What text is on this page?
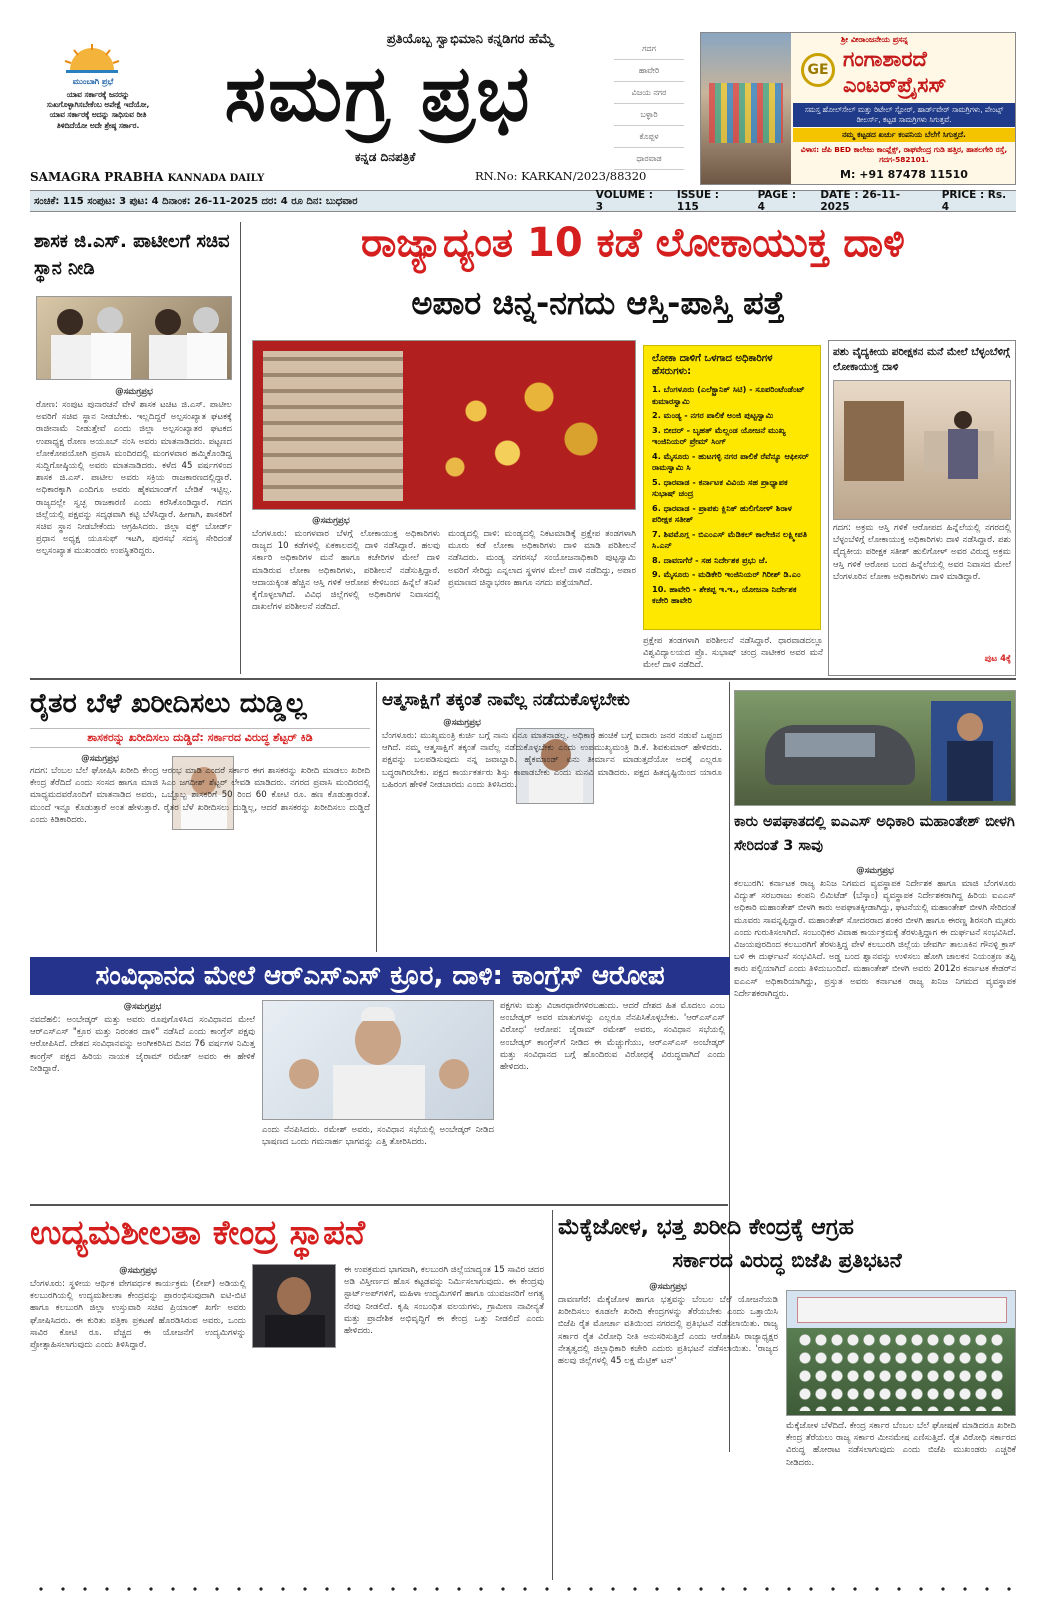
ಮುಂಬಾಗಿ ಪ್ರಭೆ
ಯಾವ ಸರ್ಕಾರಕ್ಕೆ ಜನರನ್ನು ಸುಖಗೊಳ್ಳಾಗಿಸಬೇಕೆಂಬ ಅಪೇಕ್ಷೆ ಇದೆಯೋ, ಯಾವ ಸರ್ಕಾರಕ್ಕೆ ಅದನ್ನು ಸಾಧಿಸುವ ರೀತಿ ತಿಳಿದಿದೆಯೋ ಅದೇ ಶ್ರೇಷ್ಠ ಸರ್ಕಾರ.
ಪ್ರತಿಯೊಬ್ಬ ಸ್ವಾಭಿಮಾನಿ ಕನ್ನಡಿಗರ ಹೆಮ್ಮೆ
ಸಮಗ್ರ ಪ್ರಭ
ಕನ್ನಡ ದಿನಪತ್ರಿಕೆ
SAMAGRA PRABHA KANNADA DAILY	RN.No: KARKAN/2023/88320
ಗದಗ
ಹಾವೇರಿ
ವಿಜಯ ನಗರ
ಬಳ್ಳಾರಿ
ಕೊಪ್ಪಳ
ಧಾರವಾಡ
ಶ್ರೀ ವೀರಾಂಜನೇಯ ಪ್ರಸನ್ನ
GE ಗಂಗಾಶಾರದೆ
ಎಂಟರ್‌ಪ್ರೈಸಸ್
ಸಮಸ್ತ ಹೋಲ್‌ಸೇಲ್ ಮತ್ತು ರಿಟೇಲ್ ಸ್ಟೋರ್, ಹಾರ್ಡ್‌ವೇರ್ ಸಾಮಗ್ರಿಗಳು, ಪೇಂಟ್ಸ್ ಡೀಲರ್ಸ್, ಕಟ್ಟಡ ಸಾಮಗ್ರಿಗಳು ಸಿಗುತ್ತವೆ.
ನಮ್ಮ ಕಟ್ಟಡದ ಖರ್ಚು ಕಂಪನಿಯ ಬೆಲೆಗೆ ಸಿಗುತ್ತದೆ.
ವಿಳಾಸ: ಜೆಪಿ BED ಕಾಲೇಜು ಕಾಂಪ್ಲೆಕ್ಸ್, ರಾಘವೇಂದ್ರ ಗುಡಿ ಹತ್ತಿರ, ಹಾತಲಗೇರಿ ರಸ್ತೆ, ಗದಗ-582101.
M: +91 87478 11510
ಸಂಚಿಕೆ: 115 ಸಂಪುಟ: 3 ಪುಟ: 4 ದಿನಾಂಕ: 26-11-2025 ದರ: 4 ರೂ ದಿನ: ಬುಧವಾರ	VOLUME : 3
ISSUE : 115
PAGE : 4
DATE : 26-11-2025
PRICE : Rs. 4
ಶಾಸಕ ಜಿ.ಎಸ್. ಪಾಟೀಲಗೆ ಸಚಿವ ಸ್ಥಾನ ನೀಡಿ
@ಸಮಗ್ರಪ್ರಭ
ರೋಣ: ಸಂಪುಟ ಪುನಾರಚನೆ ವೇಳೆ ಶಾಸಕ ಟಚಿಟ ಜಿ.ಎಸ್. ಪಾಟೀಲ ಅವರಿಗೆ ಸಚಿವ ಸ್ಥಾನ ನೀಡಬೇಕು. ಇಲ್ಲದಿದ್ದರೆ ಅಲ್ಪಸಂಖ್ಯಾತ ಘಟಕಕ್ಕೆ ರಾಜೀನಾಮೆ ನೀಡುತ್ತೇವೆ ಎಂದು ಜಿಲ್ಲಾ ಅಲ್ಪಸಂಖ್ಯಾತರ ಘಟಕದ ಉಪಾಧ್ಯಕ್ಷ ರೋಣ ಅಯೂಬ್ ನಂಸಿ ಅವರು ಮಾತನಾಡಿದರು. ಪಟ್ಟಣದ ಲೋಕೋಪಯೋಗಿ ಪ್ರವಾಸಿ ಮಂದಿರದಲ್ಲಿ ಮಂಗಳವಾರ ಹಮ್ಮಿಕೊಂಡಿದ್ದ ಸುದ್ದಿಗೋಷ್ಠಿಯಲ್ಲಿ ಅವರು ಮಾತನಾಡಿದರು. ಕಳೆದ 45 ವರ್ಷಗಳಿಂದ ಶಾಸಕ ಜಿ.ಎಸ್. ಪಾಟೀಲ ಅವರು ಸಕ್ರಿಯ ರಾಜಕಾರಣದಲ್ಲಿದ್ದಾರೆ. ಅಧಿಕಾರಕ್ಕಾಗಿ ಎಂದಿಗೂ ಅವರು ಹೈಕಮಾಂಡ್‌ಗೆ ಬೇಡಿಕೆ ಇಟ್ಟಿಲ್ಲ. ರಾಜ್ಯದಲ್ಲೇ ಸ್ವಚ್ಛ ರಾಜಕಾರಣಿ ಎಂದು ಕರೆಸಿಕೊಂಡಿದ್ದಾರೆ. ಗದಗ ಜಿಲ್ಲೆಯಲ್ಲಿ ಪಕ್ಷವನ್ನು ಸದೃಢವಾಗಿ ಕಟ್ಟಿ ಬೆಳೆಸಿದ್ದಾರೆ. ಹೀಗಾಗಿ, ಶಾಸಕರಿಗೆ ಸಚಿವ ಸ್ಥಾನ ನೀಡಬೇಕೆಂದು ಆಗ್ರಹಿಸಿದರು. ಜಿಲ್ಲಾ ವಕ್ಫ್ ಬೋರ್ಡ್ ಪ್ರಧಾನ ಅಧ್ಯಕ್ಷ ಯೂಸುಫ್ ಇಟಗಿ, ಪುರಸಭೆ ಸದಸ್ಯ ಸೇರಿದಂತೆ ಅಲ್ಪಸಂಖ್ಯಾತ ಮುಖಂಡರು ಉಪಸ್ಥಿತರಿದ್ದರು.
ರಾಜ್ಯಾದ್ಯಂತ 10 ಕಡೆ ಲೋಕಾಯುಕ್ತ ದಾಳಿ
ಅಪಾರ ಚಿನ್ನ-ನಗದು ಆಸ್ತಿ-ಪಾಸ್ತಿ ಪತ್ತೆ
@ಸಮಗ್ರಪ್ರಭ
ಬೆಂಗಳೂರು: ಮಂಗಳವಾರ ಬೆಳಗ್ಗೆ ಲೋಕಾಯುಕ್ತ ಅಧಿಕಾರಿಗಳು ರಾಜ್ಯದ 10 ಕಡೆಗಳಲ್ಲಿ ಏಕಕಾಲದಲ್ಲಿ ದಾಳಿ ನಡೆಸಿದ್ದಾರೆ. ಹಲವು ಸರ್ಕಾರಿ ಅಧಿಕಾರಿಗಳ ಮನೆ ಹಾಗೂ ಕಚೇರಿಗಳ ಮೇಲೆ ದಾಳಿ ಮಾಡಿರುವ ಲೋಕಾ ಅಧಿಕಾರಿಗಳು, ಪರಿಶೀಲನೆ ನಡೆಸುತ್ತಿದ್ದಾರೆ. ಆದಾಯಕ್ಕಿಂತ ಹೆಚ್ಚಿನ ಆಸ್ತಿ ಗಳಿಕೆ ಆರೋಪ ಕೇಳಿಬಂದ ಹಿನ್ನೆಲೆ ತನಿಖೆ ಕೈಗೊಳ್ಳಲಾಗಿದೆ. ವಿವಿಧ ಜಿಲ್ಲೆಗಳಲ್ಲಿ ಅಧಿಕಾರಿಗಳ ನಿವಾಸದಲ್ಲಿ ದಾಖಲೆಗಳ ಪರಿಶೀಲನೆ ನಡೆದಿದೆ.
ಮಂಡ್ಯದಲ್ಲಿ ದಾಳಿ: ಮಂಡ್ಯದಲ್ಲಿ ನಿಕಟಮಾಡಿಕ್ಕೆ ಪ್ರಕ್ಷೇಪ ತಂಡಗಳಾಗಿ ಮೂರು ಕಡೆ ಲೋಕಾ ಅಧಿಕಾರಿಗಳು ದಾಳಿ ಮಾಡಿ ಪರಿಶೀಲನೆ ನಡೆಸಿದರು. ಮಂಡ್ಯ ನಗರಸಭೆ ಸಂಯೋಜನಾಧಿಕಾರಿ ಪುಟ್ಟಸ್ವಾಮಿ ಅವರಿಗೆ ಸೇರಿದ್ದು ಎನ್ನಲಾದ ಸ್ಥಳಗಳ ಮೇಲೆ ದಾಳಿ ನಡೆದಿದ್ದು, ಅಪಾರ ಪ್ರಮಾಣದ ಚಿನ್ನಾಭರಣ ಹಾಗೂ ನಗದು ಪತ್ತೆಯಾಗಿದೆ.
ಪ್ರಕ್ಷೇಪ ತಂಡಗಳಾಗಿ ಪರಿಶೀಲನೆ ನಡೆಸಿದ್ದಾರೆ. ಧಾರವಾಡದಲ್ಲೂ ವಿಶ್ವವಿದ್ಯಾಲಯದ ಪ್ರೊ. ಸುಭಾಷ್ ಚಂದ್ರ ನಾಟೀಕರ ಅವರ ಮನೆ ಮೇಲೆ ದಾಳಿ ನಡೆದಿದೆ.
ಲೋಕಾ ದಾಳಿಗೆ ಒಳಗಾದ ಅಧಿಕಾರಿಗಳ ಹೆಸರುಗಳು:
1. ಬೆಂಗಳೂರು (ಎಲೆಕ್ಟ್ರಾನಿಕ್ ಸಿಟಿ) - ಸೂಪರಿಂಟೆಂಡೆಂಟ್ ಕುಮಾರಸ್ವಾಮಿ
2. ಮಂಡ್ಯ - ನಗರ ಪಾಲಿಕೆ ಅಂಜಿ ಪುಟ್ಟಸ್ವಾಮಿ
3. ಬೀದರ್ - ಬೃಹತ್ ಮೆಲ್ಲಂಡ ಯೋಜನೆ ಮುಖ್ಯ ಇಂಜಿನಿಯರ್ ಪ್ರೇಮ್ ಸಿಂಗ್
4. ಮೈಸೂರು - ಹುಟಗಳ್ಳಿ ನಗರ ಪಾಲಿಕೆ ರೆವೆನ್ಯೂ ಆಫೀಸರ್ ರಾಮಸ್ವಾಮಿ ಸಿ
5. ಧಾರವಾಡ - ಕರ್ನಾಟಕ ವಿವಿಯ ಸಹ ಪ್ರಾಧ್ಯಾಪಕ ಸುಭಾಷ್ ಚಂದ್ರ
6. ಧಾರವಾಡ - ಪ್ರಾಪಕು ಕ್ಲಿನಿಕ್ ಹುಲಿಗೋಳ್ ಶಿರಾಳ ಪರೀಕ್ಷಕ ಸತೀಶ್
7. ಶಿವಮೊಗ್ಗ - ಬಿಎಂಎಸ್ ಮೆಡಿಕಲ್ ಕಾಲೇಜಿನ ಲಕ್ಷ್ಮೀಪತಿ ಸಿ.ಎನ್
8. ದಾವಣಗೆರೆ - ಸಹ ನಿರ್ದೇಶಕ ಪ್ರಭು ಜೆ.
9. ಮೈಸೂರು - ಮಡಿಕೇರಿ ಇಂಜಿನಿಯರ್ ಗಿರೀಶ್ ಡಿ.ಎಂ
10. ಹಾವೇರಿ - ಶೇಕಪ್ಪ ಇ.ಇ., ಯೋಜನಾ ನಿರ್ದೇಶಕ ಕಚೇರಿ ಹಾವೇರಿ
ಪಶು ವೈದ್ಯಕೀಯ ಪರೀಕ್ಷಕನ ಮನೆ ಮೇಲೆ ಬೆಳ್ಳಂಬೆಳಿಗ್ಗೆ ಲೋಕಾಯುಕ್ತ ದಾಳಿ
ಗದಗ: ಅಕ್ರಮ ಆಸ್ತಿ ಗಳಿಕೆ ಆರೋಪದ ಹಿನ್ನೆಲೆಯಲ್ಲಿ ನಗರದಲ್ಲಿ ಬೆಳ್ಳಂಬೆಳಿಗ್ಗೆ ಲೋಕಾಯುಕ್ತ ಅಧಿಕಾರಿಗಳು ದಾಳಿ ನಡೆಸಿದ್ದಾರೆ. ಪಶು ವೈದ್ಯಕೀಯ ಪರೀಕ್ಷಕ ಸತೀಶ್ ಹುಲಿಗೋಳ್ ಅವರ ವಿರುದ್ಧ ಅಕ್ರಮ ಆಸ್ತಿ ಗಳಿಕೆ ಆರೋಪ ಬಂದ ಹಿನ್ನೆಲೆಯಲ್ಲಿ ಅವರ ನಿವಾಸದ ಮೇಲೆ ಬೆಂಗಳೂರಿನ ಲೋಕಾ ಅಧಿಕಾರಿಗಳು ದಾಳಿ ಮಾಡಿದ್ದಾರೆ.
ಪುಟ 4ಕ್ಕೆ
ರೈತರ ಬೆಳೆ ಖರೀದಿಸಲು ದುಡ್ಡಿಲ್ಲ
ಶಾಸಕರನ್ನು ಖರೀದಿಸಲು ದುಡ್ಡಿದೆ: ಸರ್ಕಾರದ ವಿರುದ್ಧ ಶೆಟ್ಟರ್ ಕಿಡಿ
@ಸಮಗ್ರಪ್ರಭ
ಗದಗ: ಬೆಂಬಲ ಬೆಲೆ ಘೋಷಿಸಿ ಖರೀದಿ ಕೇಂದ್ರ ಆರಂಭ ಮಾಡಿ ಎಂದರೆ ಸರ್ಕಾರ ಈಗ ಶಾಸಕರನ್ನು ಖರೀದಿ ಮಾಡಲು ಖರೀದಿ ಕೇಂದ್ರ ತೆರೆದಿದೆ ಎಂದು ಸಂಸದ ಹಾಗೂ ಮಾಜಿ ಸಿಎಂ ಜಗದೀಶ್ ಶೆಟ್ಟರ್ ಲೇವಡಿ ಮಾಡಿದರು. ನಗರದ ಪ್ರವಾಸಿ ಮಂದಿರದಲ್ಲಿ ಮಾಧ್ಯಮದವರೊಂದಿಗೆ ಮಾತನಾಡಿದ ಅವರು, ಒಬ್ಬೊಬ್ಬ ಶಾಸಕರಿಗೆ 50 ರಿಂದ 60 ಕೋಟಿ ರೂ. ಹಣ ಕೊಡುತ್ತಾರಂತೆ. ಮುಂದೆ ಇನ್ನೂ ಕೊಡುತ್ತಾರೆ ಅಂತ ಹೇಳುತ್ತಾರೆ. ರೈತರ ಬೆಳೆ ಖರೀದಿಸಲು ದುಡ್ಡಿಲ್ಲ, ಆದರೆ ಶಾಸಕರನ್ನು ಖರೀದಿಸಲು ದುಡ್ಡಿದೆ ಎಂದು ಕಿಡಿಕಾರಿದರು.
ಆತ್ಮಸಾಕ್ಷಿಗೆ ತಕ್ಕಂತೆ ನಾವೆಲ್ಲ ನಡೆದುಕೊಳ್ಳಬೇಕು
@ಸಮಗ್ರಪ್ರಭ
ಬೆಂಗಳೂರು: ಮುಖ್ಯಮಂತ್ರಿ ಕುರ್ಚಿ ಬಗ್ಗೆ ನಾನು ಏನೂ ಮಾತನಾಡಲ್ಲ. ಅಧಿಕಾರ ಹಂಚಿಕೆ ಬಗ್ಗೆ ಐದಾರು ಜನರ ನಡುವೆ ಒಪ್ಪಂದ ಆಗಿದೆ. ನಮ್ಮ ಆತ್ಮಸಾಕ್ಷಿಗೆ ತಕ್ಕಂತೆ ನಾವೆಲ್ಲ ನಡೆದುಕೊಳ್ಳಬೇಕು ಎಂದು ಉಪಮುಖ್ಯಮಂತ್ರಿ ಡಿ.ಕೆ. ಶಿವಕುಮಾರ್ ಹೇಳಿದರು. ಪಕ್ಷವನ್ನು ಬಲಪಡಿಸುವುದು ನನ್ನ ಜವಾಬ್ದಾರಿ. ಹೈಕಮಾಂಡ್ ಏನು ತೀರ್ಮಾನ ಮಾಡುತ್ತದೆಯೋ ಅದಕ್ಕೆ ಎಲ್ಲರೂ ಬದ್ಧರಾಗಿರಬೇಕು. ಪಕ್ಷದ ಕಾರ್ಯಕರ್ತರು ಶಿಸ್ತು ಕಾಪಾಡಬೇಕು ಎಂದು ಮನವಿ ಮಾಡಿದರು. ಪಕ್ಷದ ಹಿತದೃಷ್ಟಿಯಿಂದ ಯಾರೂ ಬಹಿರಂಗ ಹೇಳಿಕೆ ನೀಡಬಾರದು ಎಂದು ತಿಳಿಸಿದರು.
ಕಾರು ಅಪಘಾತದಲ್ಲಿ ಐಎಎಸ್ ಅಧಿಕಾರಿ ಮಹಾಂತೇಶ್ ಬೀಳಗಿ ಸೇರಿದಂತೆ 3 ಸಾವು
@ಸಮಗ್ರಪ್ರಭ
ಕಲಬುರಗಿ: ಕರ್ನಾಟಕ ರಾಜ್ಯ ಖನಿಜ ನಿಗಮದ ವ್ಯವಸ್ಥಾಪಕ ನಿರ್ದೇಶಕ ಹಾಗೂ ಮಾಜಿ ಬೆಂಗಳೂರು ವಿದ್ಯುತ್ ಸರಬರಾಜು ಕಂಪನಿ ಲಿಮಿಟೆಡ್ (ಬೆಸ್ಕಾಂ) ವ್ಯವಸ್ಥಾಪಕ ನಿರ್ದೇಶಕರಾಗಿದ್ದ ಹಿರಿಯ ಐಎಎಸ್ ಅಧಿಕಾರಿ ಮಹಾಂತೇಶ್ ಬೀಳಗಿ ಕಾರು ಅಪಘಾತಕ್ಕೀಡಾಗಿದ್ದು, ಘಟನೆಯಲ್ಲಿ ಮಹಾಂತೇಶ್ ಬೀಳಗಿ ಸೇರಿದಂತೆ ಮೂವರು ಸಾವನ್ನಪ್ಪಿದ್ದಾರೆ. ಮಹಾಂತೇಶ್ ಸೋದರರಾದ ಶಂಕರ ಬೀಳಗಿ ಹಾಗೂ ಈರಣ್ಣ ಶಿರಸಂಗಿ ಮೃತರು ಎಂದು ಗುರುತಿಸಲಾಗಿದೆ. ಸಂಬಂಧಿಕರ ವಿವಾಹ ಕಾರ್ಯಕ್ರಮಕ್ಕೆ ತೆರಳುತ್ತಿದ್ದಾಗ ಈ ದುರ್ಘಟನೆ ಸಂಭವಿಸಿದೆ. ವಿಜಯಪುರದಿಂದ ಕಲಬುರಗಿಗೆ ತೆರಳುತ್ತಿದ್ದ ವೇಳೆ ಕಲಬುರಗಿ ಜಿಲ್ಲೆಯ ಜೇವರ್ಗಿ ತಾಲೂಕಿನ ಗೌನಳ್ಳಿ ಕ್ರಾಸ್ ಬಳಿ ಈ ದುರ್ಘಟನೆ ಸಂಭವಿಸಿದೆ. ಅಡ್ಡ ಬಂದ ಶ್ವಾನವನ್ನು ಉಳಿಸಲು ಹೋಗಿ ಚಾಲಕನ ನಿಯಂತ್ರಣ ತಪ್ಪಿ ಕಾರು ಪಲ್ಟಿಯಾಗಿದೆ ಎಂದು ತಿಳಿದುಬಂದಿದೆ. ಮಹಾಂತೇಶ್ ಬೀಳಗಿ ಅವರು 2012ರ ಕರ್ನಾಟಕ ಕೇಡರ್‌ನ ಐಎಎಸ್ ಅಧಿಕಾರಿಯಾಗಿದ್ದು, ಪ್ರಸ್ತುತ ಅವರು ಕರ್ನಾಟಕ ರಾಜ್ಯ ಖನಿಜ ನಿಗಮದ ವ್ಯವಸ್ಥಾಪಕ ನಿರ್ದೇಶಕರಾಗಿದ್ದರು.
ಸಂವಿಧಾನದ ಮೇಲೆ ಆರ್‌ಎಸ್‌ಎಸ್ ಕ್ರೂರ, ದಾಳಿ: ಕಾಂಗ್ರೆಸ್ ಆರೋಪ
@ಸಮಗ್ರಪ್ರಭ
ನವದೆಹಲಿ: ಅಂಬೇಡ್ಕರ್ ಮತ್ತು ಅವರು ರೂಪುಗೊಳಿಸಿದ ಸಂವಿಧಾನದ ಮೇಲೆ ಆರ್‌ಎಸ್‌ಎಸ್ "ಕ್ರೂರ ಮತ್ತು ನಿರಂತರ ದಾಳಿ" ನಡೆಸಿದೆ ಎಂದು ಕಾಂಗ್ರೆಸ್ ಪಕ್ಷವು ಆರೋಪಿಸಿದೆ. ದೇಶದ ಸಂವಿಧಾನವನ್ನು ಅಂಗೀಕರಿಸಿದ ದಿನದ 76 ವರ್ಷಗಳ ನಿಮಿತ್ತ ಕಾಂಗ್ರೆಸ್ ಪಕ್ಷದ ಹಿರಿಯ ನಾಯಕ ಜೈರಾಮ್ ರಮೇಶ್ ಅವರು ಈ ಹೇಳಿಕೆ ನೀಡಿದ್ದಾರೆ.
ಎಂದು ನೆನಪಿಸಿದರು. ರಮೇಶ್ ಅವರು, ಸಂವಿಧಾನ ಸಭೆಯಲ್ಲಿ ಅಂಬೇಡ್ಕರ್ ನೀಡಿದ ಭಾಷಣದ ಒಂದು ಗಮನಾರ್ಹ ಭಾಗವನ್ನು ಎತ್ತಿ ತೋರಿಸಿದರು.
ಪಕ್ಷಗಳು ಮತ್ತು ವಿಚಾರಧಾರೆಗಳಿರಬಹುದು. ಆದರೆ ದೇಶದ ಹಿತ ಮೊದಲು ಎಂಬ ಅಂಬೇಡ್ಕರ್ ಅವರ ಮಾತುಗಳನ್ನು ಎಲ್ಲರೂ ನೆನಪಿಸಿಕೊಳ್ಳಬೇಕು. 'ಆರ್‌ಎಸ್‌ಎಸ್ ವಿರೋಧ' ಆರೋಪ: ಜೈರಾಮ್ ರಮೇಶ್ ಅವರು, ಸಂವಿಧಾನ ಸಭೆಯಲ್ಲಿ ಅಂಬೇಡ್ಕರ್ ಕಾಂಗ್ರೆಸ್‌ಗೆ ನೀಡಿದ ಈ ಮೆಚ್ಚುಗೆಯು, ಆರ್‌ಎಸ್‌ಎಸ್ ಅಂಬೇಡ್ಕರ್ ಮತ್ತು ಸಂವಿಧಾನದ ಬಗ್ಗೆ ಹೊಂದಿರುವ ವಿರೋಧಕ್ಕೆ ವಿರುದ್ಧವಾಗಿದೆ ಎಂದು ಹೇಳಿದರು.
ಉದ್ಯಮಶೀಲತಾ ಕೇಂದ್ರ ಸ್ಥಾಪನೆ
@ಸಮಗ್ರಪ್ರಭ
ಬೆಂಗಳೂರು: ಸ್ಥಳೀಯ ಆರ್ಥಿಕ ವೇಗವರ್ಧಕ ಕಾರ್ಯಕ್ರಮ (ಲೀಪ್) ಅಡಿಯಲ್ಲಿ ಕಲಬುರಗಿಯಲ್ಲಿ ಉದ್ಯಮಶೀಲತಾ ಕೇಂದ್ರವನ್ನು ಪ್ರಾರಂಭಿಸುವುದಾಗಿ ಐಟಿ-ಬಿಟಿ ಹಾಗೂ ಕಲಬುರಗಿ ಜಿಲ್ಲಾ ಉಸ್ತುವಾರಿ ಸಚಿವ ಪ್ರಿಯಾಂಕ್ ಖರ್ಗೆ ಅವರು ಘೋಷಿಸಿದರು. ಈ ಕುರಿತು ಪತ್ರಿಕಾ ಪ್ರಕಟಣೆ ಹೊರಡಿಸಿರುವ ಅವರು, ಒಂದು ಸಾವಿರ ಕೋಟಿ ರೂ. ವೆಚ್ಚದ ಈ ಯೋಜನೆಗೆ ಉದ್ಯಮಿಗಳನ್ನು ಪ್ರೋತ್ಸಾಹಿಸಲಾಗುವುದು ಎಂದು ತಿಳಿಸಿದ್ದಾರೆ.
ಈ ಉಪಕ್ರಮದ ಭಾಗವಾಗಿ, ಕಲಬುರಗಿ ಜಿಲ್ಲೆಯಾದ್ಯಂತ 15 ಸಾವಿರ ಚದರ ಅಡಿ ವಿಸ್ತೀರ್ಣದ ಹೊಸ ಕಟ್ಟಡವನ್ನು ನಿರ್ಮಿಸಲಾಗುವುದು. ಈ ಕೇಂದ್ರವು ಸ್ಟಾರ್ಟ್‌ಅಪ್‌ಗಳಿಗೆ, ಮಹಿಳಾ ಉದ್ಯಮಿಗಳಿಗೆ ಹಾಗೂ ಯುವಜನರಿಗೆ ಅಗತ್ಯ ನೆರವು ನೀಡಲಿದೆ. ಕೃಷಿ ಸಂಬಂಧಿತ ವಲಯಗಳು, ಗ್ರಾಮೀಣ ನಾವೀನ್ಯತೆ ಮತ್ತು ಪ್ರಾದೇಶಿಕ ಅಭಿವೃದ್ಧಿಗೆ ಈ ಕೇಂದ್ರ ಒತ್ತು ನೀಡಲಿದೆ ಎಂದು ಹೇಳಿದರು.
ಮೆಕ್ಕೆಜೋಳ, ಭತ್ತ ಖರೀದಿ ಕೇಂದ್ರಕ್ಕೆ ಆಗ್ರಹ
ಸರ್ಕಾರದ ವಿರುದ್ಧ ಬಿಜೆಪಿ ಪ್ರತಿಭಟನೆ
@ಸಮಗ್ರಪ್ರಭ
ದಾವಣಗೆರೆ: ಮೆಕ್ಕೆಜೋಳ ಹಾಗೂ ಭತ್ತವನ್ನು ಬೆಂಬಲ ಬೆಲೆ ಯೋಜನೆಯಡಿ ಖರೀದಿಸಲು ಕೂಡಲೇ ಖರೀದಿ ಕೇಂದ್ರಗಳನ್ನು ತೆರೆಯಬೇಕು ಎಂದು ಒತ್ತಾಯಿಸಿ ಬಿಜೆಪಿ ರೈತ ಮೋರ್ಚಾ ವತಿಯಿಂದ ನಗರದಲ್ಲಿ ಪ್ರತಿಭಟನೆ ನಡೆಸಲಾಯಿತು. ರಾಜ್ಯ ಸರ್ಕಾರ ರೈತ ವಿರೋಧಿ ನೀತಿ ಅನುಸರಿಸುತ್ತಿದೆ ಎಂದು ಆರೋಪಿಸಿ ರಾಜ್ಯಾಧ್ಯಕ್ಷರ ನೇತೃತ್ವದಲ್ಲಿ ಜಿಲ್ಲಾಧಿಕಾರಿ ಕಚೇರಿ ಎದುರು ಪ್ರತಿಭಟನೆ ನಡೆಸಲಾಯಿತು. 'ರಾಜ್ಯದ ಹಲವು ಜಿಲ್ಲೆಗಳಲ್ಲಿ 45 ಲಕ್ಷ ಮೆಟ್ರಿಕ್ ಟನ್'
ಮೆಕ್ಕೆಜೋಳ ಬೆಳೆದಿದೆ. ಕೇಂದ್ರ ಸರ್ಕಾರ ಬೆಂಬಲ ಬೆಲೆ ಘೋಷಣೆ ಮಾಡಿದರೂ ಖರೀದಿ ಕೇಂದ್ರ ತೆರೆಯಲು ರಾಜ್ಯ ಸರ್ಕಾರ ಮೀನಮೇಷ ಎಣಿಸುತ್ತಿದೆ. ರೈತ ವಿರೋಧಿ ಸರ್ಕಾರದ ವಿರುದ್ಧ ಹೋರಾಟ ನಡೆಸಲಾಗುವುದು ಎಂದು ಬಿಜೆಪಿ ಮುಖಂಡರು ಎಚ್ಚರಿಕೆ ನೀಡಿದರು.
